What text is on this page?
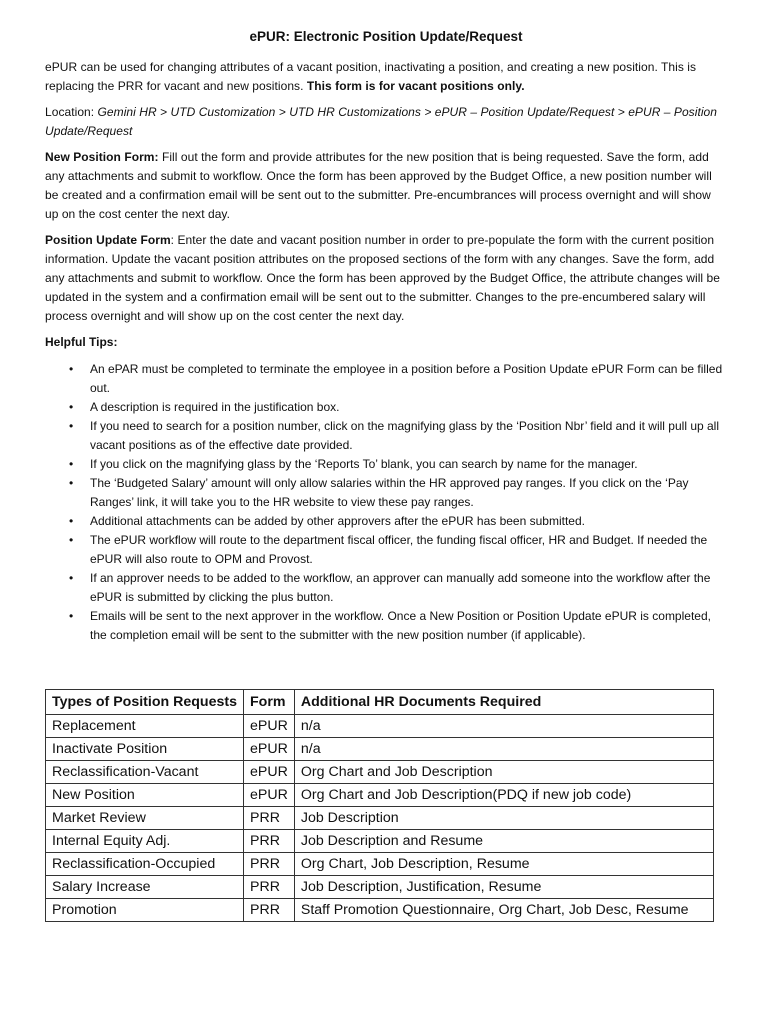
ePUR: Electronic Position Update/Request

ePUR can be used for changing attributes of a vacant position, inactivating a position, and creating a new position. This is replacing the PRR for vacant and new positions. This form is for vacant positions only.

Location: Gemini HR > UTD Customization > UTD HR Customizations > ePUR – Position Update/Request > ePUR – Position Update/Request

New Position Form: Fill out the form and provide attributes for the new position that is being requested. Save the form, add any attachments and submit to workflow. Once the form has been approved by the Budget Office, a new position number will be created and a confirmation email will be sent out to the submitter. Pre-encumbrances will process overnight and will show up on the cost center the next day.

Position Update Form: Enter the date and vacant position number in order to pre-populate the form with the current position information. Update the vacant position attributes on the proposed sections of the form with any changes. Save the form, add any attachments and submit to workflow. Once the form has been approved by the Budget Office, the attribute changes will be updated in the system and a confirmation email will be sent out to the submitter. Changes to the pre-encumbered salary will process overnight and will show up on the cost center the next day.

Helpful Tips:
• An ePAR must be completed to terminate the employee in a position before a Position Update ePUR Form can be filled out.
• A description is required in the justification box.
• If you need to search for a position number, click on the magnifying glass by the ‘Position Nbr’ field and it will pull up all vacant positions as of the effective date provided.
• If you click on the magnifying glass by the ‘Reports To’ blank, you can search by name for the manager.
• The ‘Budgeted Salary’ amount will only allow salaries within the HR approved pay ranges. If you click on the ‘Pay Ranges’ link, it will take you to the HR website to view these pay ranges.
• Additional attachments can be added by other approvers after the ePUR has been submitted.
• The ePUR workflow will route to the department fiscal officer, the funding fiscal officer, HR and Budget. If needed the ePUR will also route to OPM and Provost.
• If an approver needs to be added to the workflow, an approver can manually add someone into the workflow after the ePUR is submitted by clicking the plus button.
• Emails will be sent to the next approver in the workflow. Once a New Position or Position Update ePUR is completed, the completion email will be sent to the submitter with the new position number (if applicable).
Types of Position Requests	Form	Additional HR Documents Required
Replacement	ePUR	n/a
Inactivate Position	ePUR	n/a
Reclassification-Vacant	ePUR	Org Chart and Job Description
New Position	ePUR	Org Chart and Job Description(PDQ if new job code)
Market Review	PRR	Job Description
Internal Equity Adj.	PRR	Job Description and Resume
Reclassification-Occupied	PRR	Org Chart, Job Description, Resume
Salary Increase	PRR	Job Description, Justification, Resume
Promotion	PRR	Staff Promotion Questionnaire, Org Chart, Job Desc, Resume
